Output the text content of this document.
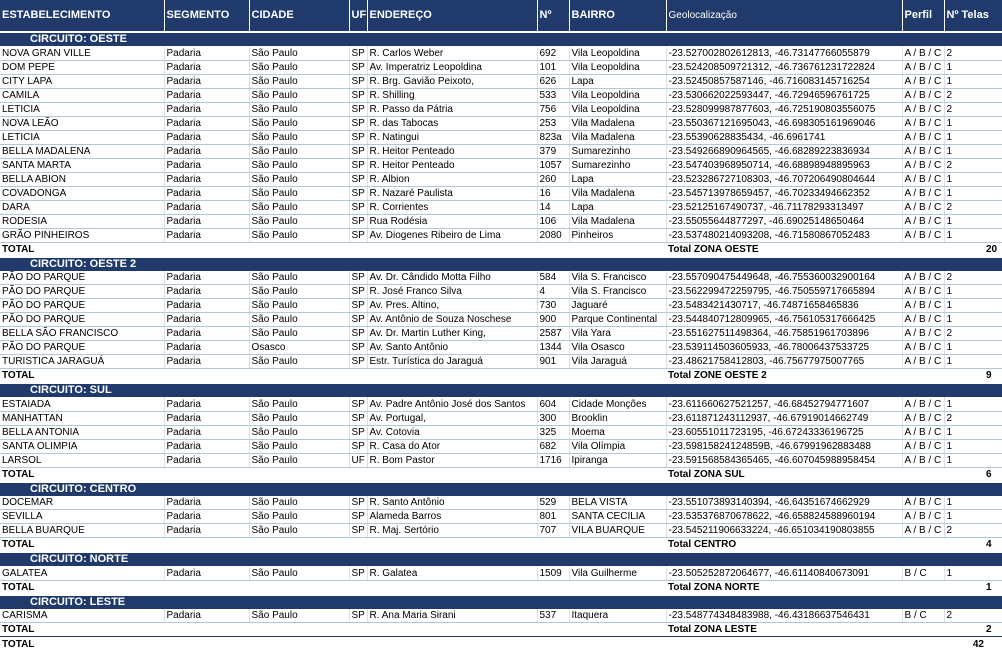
ESTABELECIMENTO	SEGMENTO	CIDADE	UF	ENDEREÇO	Nº	BAIRRO	Geolocalização	Perfil	Nº Telas
CIRCUITO: OESTE									
NOVA GRAN VILLE	Padaria	São Paulo	SP	R. Carlos Weber	692	Vila Leopoldina	-23.527002802612813, -46.73147766055879	A / B / C	2
DOM PEPE	Padaria	São Paulo	SP	Av. Imperatriz Leopoldina	101	Vila Leopoldina	-23.524208509721312, -46.736761231722824	A / B / C	1
CITY LAPA	Padaria	São Paulo	SP	R. Brg. Gavião Peixoto,	626	Lapa	-23.52450857587146, -46.716083145716254	A / B / C	1
CAMILA	Padaria	São Paulo	SP	R. Shilling	533	Vila Leopoldina	-23.530662022593447, -46.72946596761725	A / B / C	2
LETICIA	Padaria	São Paulo	SP	R. Passo da Pátria	756	Vila Leopoldina	-23.528099987877603, -46.725190803556075	A / B / C	2
NOVA LEÃO	Padaria	São Paulo	SP	R. das Tabocas	253	Vila Madalena	-23.550367121695043, -46.698305161969046	A / B / C	1
LETICIA	Padaria	São Paulo	SP	R. Natingui	823a	Vila Madalena	-23.55390628835434, -46.6961741	A / B / C	1
BELLA MADALENA	Padaria	São Paulo	SP	R. Heitor Penteado	379	Sumarezinho	-23.549266890964565, -46.68289223836934	A / B / C	1
SANTA MARTA	Padaria	São Paulo	SP	R. Heitor Penteado	1057	Sumarezinho	-23.547403968950714, -46.68898948895963	A / B / C	2
BELLA ABION	Padaria	São Paulo	SP	R. Albion	260	Lapa	-23.523286727108303, -46.707206490804644	A / B / C	1
COVADONGA	Padaria	São Paulo	SP	R. Nazaré Paulista	16	Vila Madalena	-23.545713978659457, -46.70233494662352	A / B / C	1
DARA	Padaria	São Paulo	SP	R. Corrientes	14	Lapa	-23.52125167490737, -46.71178293313497	A / B / C	2
RODESIA	Padaria	São Paulo	SP	Rua Rodésia	106	Vila Madalena	-23.55055644877297, -46.69025148650464	A / B / C	1
GRÃO PINHEIROS	Padaria	São Paulo	SP	Av. Diogenes Ribeiro de Lima	2080	Pinheiros	-23.537480214093208, -46.71580867052483	A / B / C	1
TOTAL							Total ZONA OESTE		20
CIRCUITO: OESTE 2									
PÃO DO PARQUE	Padaria	São Paulo	SP	Av. Dr. Cândido Motta Filho	584	Vila S. Francisco	-23.557090475449648, -46.755360032900164	A / B / C	2
PÃO DO PARQUE	Padaria	São Paulo	SP	R. José Franco Silva	4	Vila S. Francisco	-23.562299472259795, -46.750559717665894	A / B / C	1
PÃO DO PARQUE	Padaria	São Paulo	SP	Av. Pres. Altino,	730	Jaguaré	-23.5483421430717, -46.74871658465836	A / B / C	1
PÃO DO PARQUE	Padaria	São Paulo	SP	Av. Antônio de Souza Noschese	900	Parque Continental	-23.544840712809965, -46.756105317666425	A / B / C	1
BELLA SÃO FRANCISCO	Padaria	São Paulo	SP	Av. Dr. Martin Luther King,	2587	Vila Yara	-23.551627511498364, -46.75851961703896	A / B / C	2
PÃO DO PARQUE	Padaria	Osasco	SP	Av. Santo Antônio	1344	Vila Osasco	-23.539114503605933, -46.78006437533725	A / B / C	1
TURISTICA JARAGUÁ	Padaria	São Paulo	SP	Estr. Turística do Jaraguá	901	Vila Jaraguá	-23.48621758412803, -46.75677975007765	A / B / C	1
TOTAL							Total ZONE OESTE 2		9
CIRCUITO: SUL									
ESTAIADA	Padaria	São Paulo	SP	Av. Padre Antônio José dos Santos	604	Cidade Monções	-23.611660627521257, -46.68452794771607	A / B / C	1
MANHATTAN	Padaria	São Paulo	SP	Av. Portugal,	300	Brooklin	-23.611871243112937, -46.67919014662749	A / B / C	2
BELLA ANTONIA	Padaria	São Paulo	SP	Av. Cotovia	325	Moema	-23.60551011723195, -46.67243336196725	A / B / C	1
SANTA OLIMPIA	Padaria	São Paulo	SP	R. Casa do Ator	682	Vila Olímpia	-23.59815824124859B, -46.67991962883488	A / B / C	1
LARSOL	Padaria	São Paulo	UF	R. Bom Pastor	1716	Ipiranga	-23.591568584365465, -46.607045988958454	A / B / C	1
TOTAL							Total ZONA SUL		6
CIRCUITO: CENTRO									
DOCEMAR	Padaria	São Paulo	SP	R. Santo Antônio	529	BELA VISTA	-23.551073893140394, -46.64351674662929	A / B / C	1
SEVILLA	Padaria	São Paulo	SP	Alameda Barros	801	SANTA CECILIA	-23.535376870678622, -46.658824588960194	A / B / C	1
BELLA BUARQUE	Padaria	São Paulo	SP	R. Maj. Sertório	707	VILA BUARQUE	-23.545211906633224, -46.651034190803855	A / B / C	2
TOTAL							Total CENTRO		4
CIRCUITO: NORTE									
GALATEA	Padaria	São Paulo	SP	R. Galatea	1509	Vila Guilherme	-23.505252872064677, -46.61140840673091	B / C	1
TOTAL							Total ZONA NORTE		1
CIRCUITO: LESTE									
CARISMA	Padaria	São Paulo	SP	R. Ana Maria Sirani	537	Itaquera	-23.548774348483988, -46.43186637546431	B / C	2
TOTAL							Total ZONA LESTE		2
TOTAL									42
